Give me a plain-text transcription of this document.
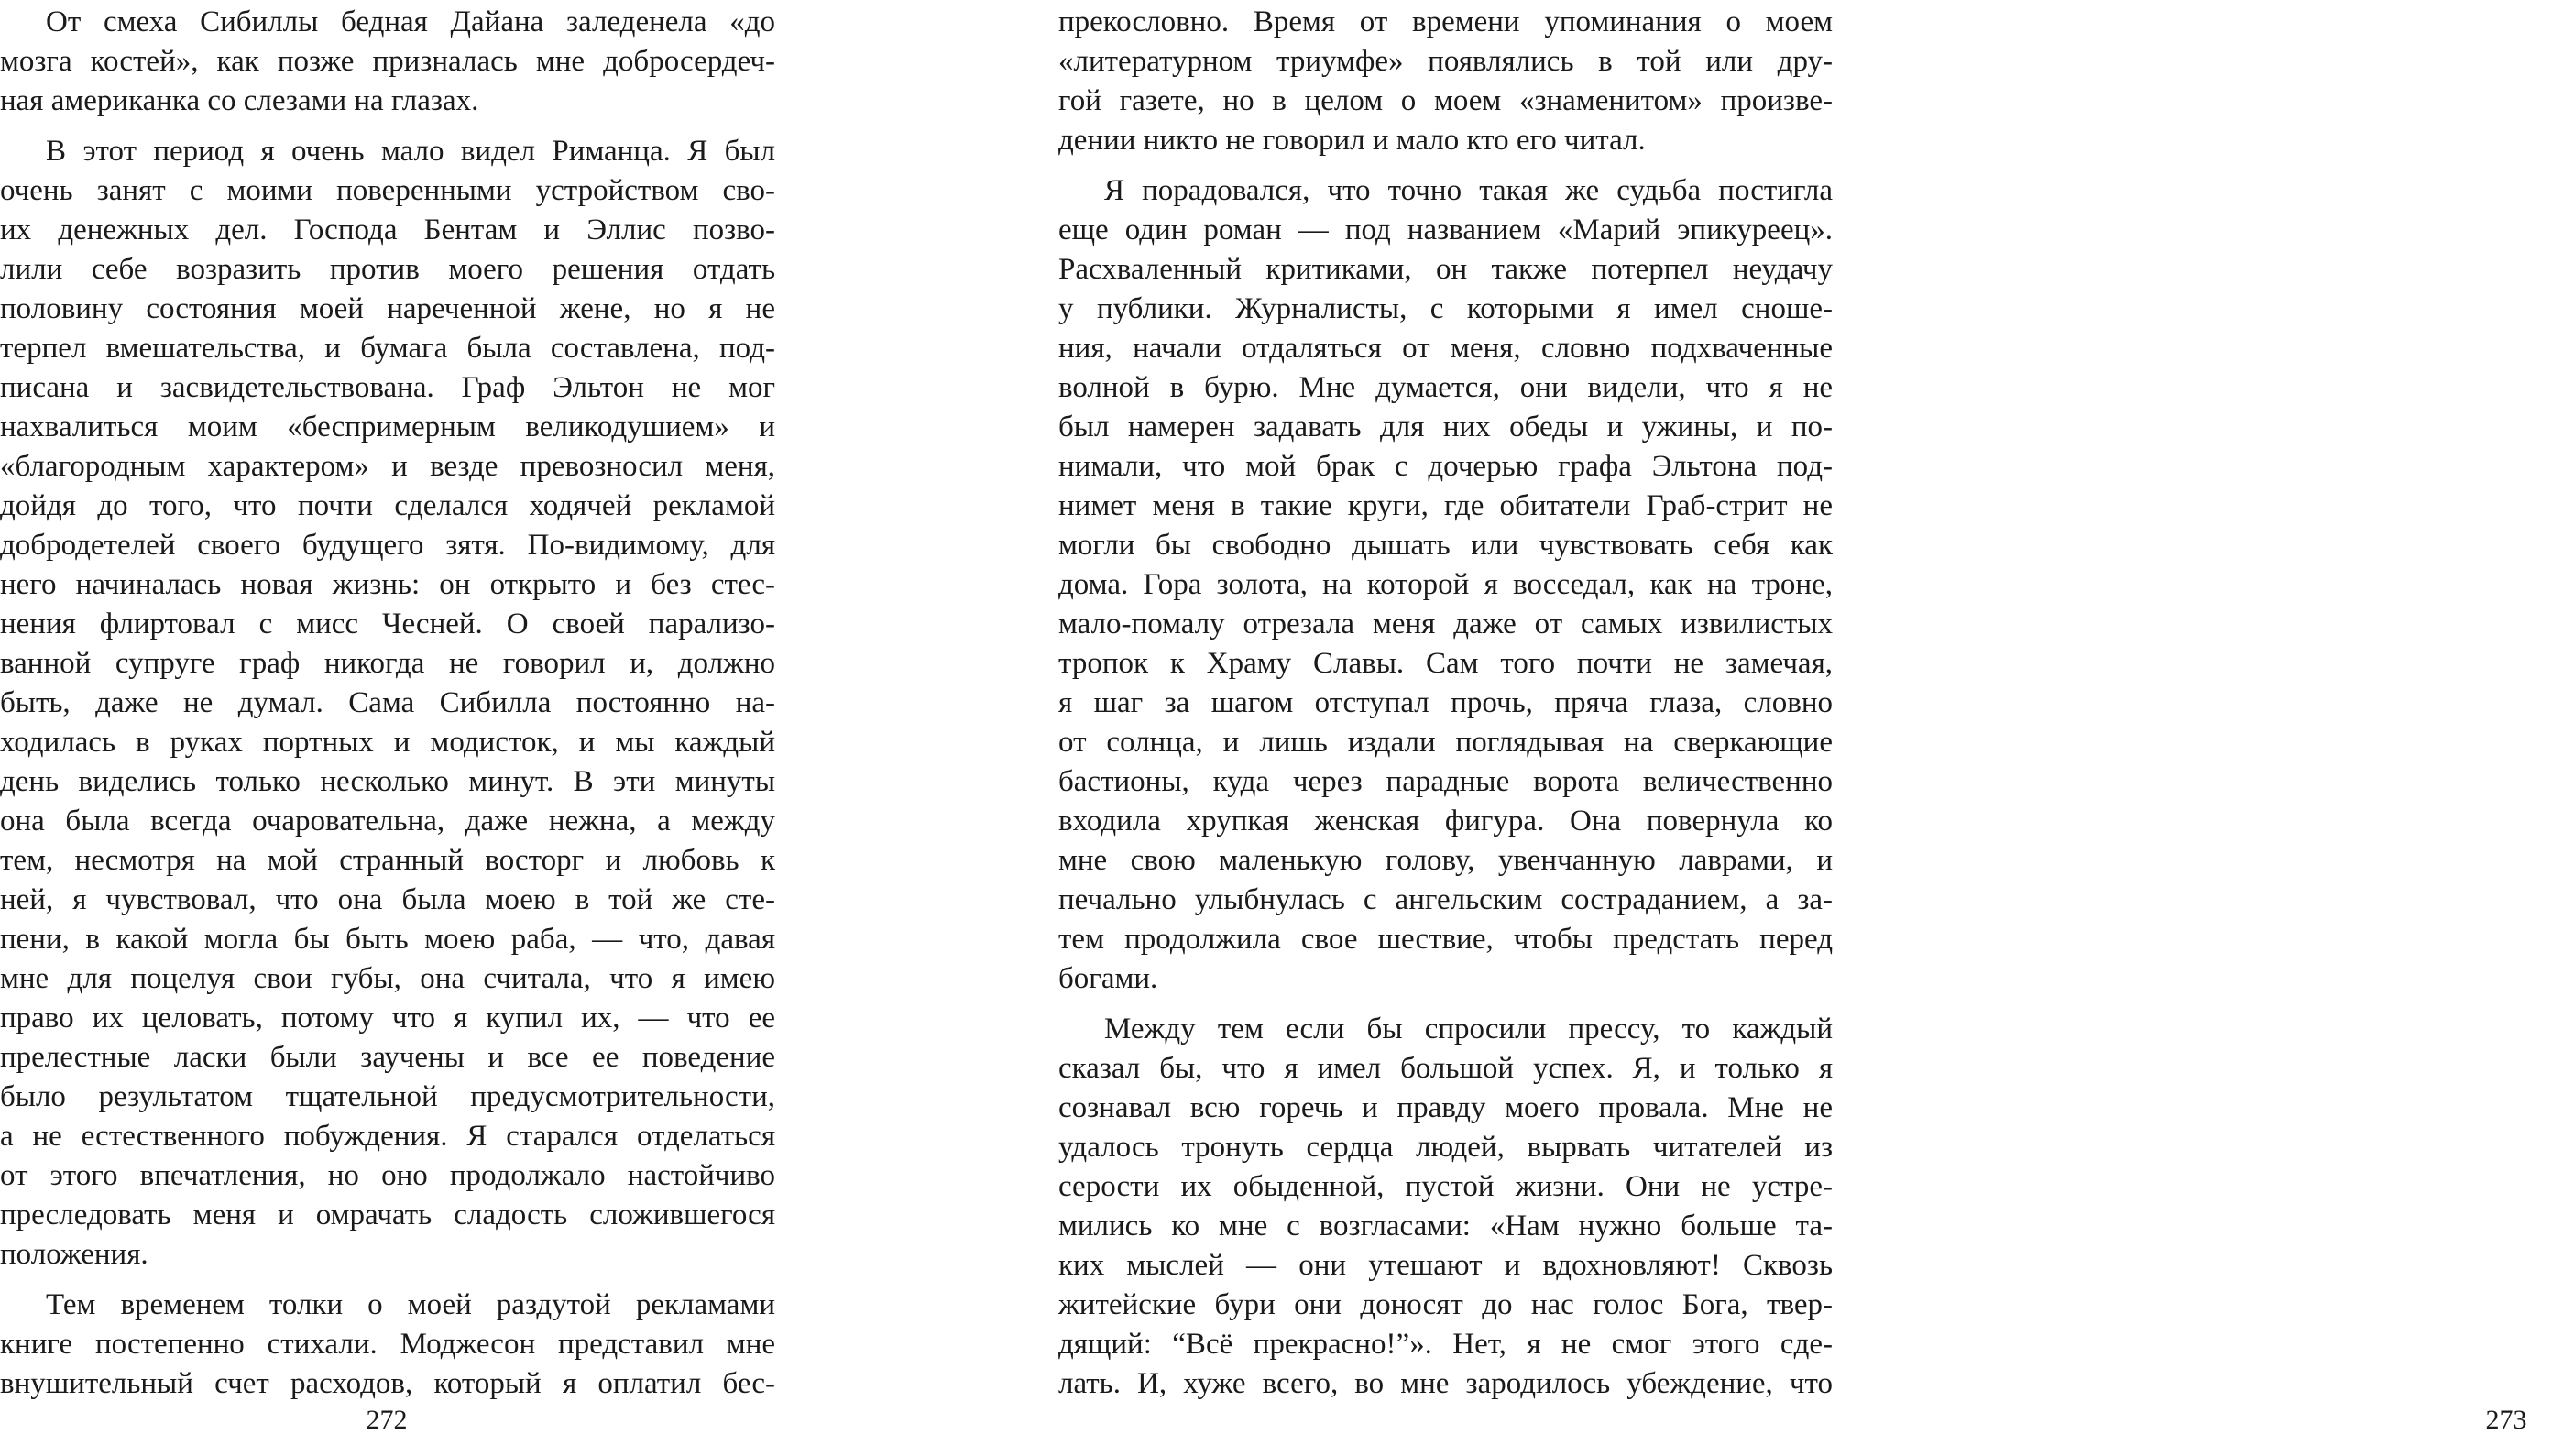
От смеха Сибиллы бедная Дайана заледенела «до
мозга костей», как позже призналась мне добросердеч-
ная американка со слезами на глазах.
В этот период я очень мало видел Риманца. Я был
очень занят с моими поверенными устройством сво-
их денежных дел. Господа Бентам и Эллис позво-
лили себе возразить против моего решения отдать
половину состояния моей нареченной жене, но я не
терпел вмешательства, и бумага была составлена, под-
писана и засвидетельствована. Граф Эльтон не мог
нахвалиться моим «беспримерным великодушием» и
«благородным характером» и везде превозносил меня,
дойдя до того, что почти сделался ходячей рекламой
добродетелей своего будущего зятя. По-видимому, для
него начиналась новая жизнь: он открыто и без стес-
нения флиртовал с мисс Чесней. О своей парализо-
ванной супруге граф никогда не говорил и, должно
быть, даже не думал. Сама Сибилла постоянно на-
ходилась в руках портных и модисток, и мы каждый
день виделись только несколько минут. В эти минуты
она была всегда очаровательна, даже нежна, а между
тем, несмотря на мой странный восторг и любовь к
ней, я чувствовал, что она была моею в той же сте-
пени, в какой могла бы быть моею раба, — что, давая
мне для поцелуя свои губы, она считала, что я имею
право их целовать, потому что я купил их, — что ее
прелестные ласки были заучены и все ее поведение
было результатом тщательной предусмотрительности,
а не естественного побуждения. Я старался отделаться
от этого впечатления, но оно продолжало настойчиво
преследовать меня и омрачать сладость сложившегося
положения.
Тем временем толки о моей раздутой рекламами
книге постепенно стихали. Моджесон представил мне
внушительный счет расходов, который я оплатил бес-
272
прекословно. Время от времени упоминания о моем
«литературном триумфе» появлялись в той или дру-
гой газете, но в целом о моем «знаменитом» произве-
дении никто не говорил и мало кто его читал.
Я порадовался, что точно такая же судьба постигла
еще один роман — под названием «Марий эпикуреец».
Расхваленный критиками, он также потерпел неудачу
у публики. Журналисты, с которыми я имел сноше-
ния, начали отдаляться от меня, словно подхваченные
волной в бурю. Мне думается, они видели, что я не
был намерен задавать для них обеды и ужины, и по-
нимали, что мой брак с дочерью графа Эльтона под-
нимет меня в такие круги, где обитатели Граб-стрит не
могли бы свободно дышать или чувствовать себя как
дома. Гора золота, на которой я восседал, как на троне,
мало-помалу отрезала меня даже от самых извилистых
тропок к Храму Славы. Сам того почти не замечая,
я шаг за шагом отступал прочь, пряча глаза, словно
от солнца, и лишь издали поглядывая на сверкающие
бастионы, куда через парадные ворота величественно
входила хрупкая женская фигура. Она повернула ко
мне свою маленькую голову, увенчанную лаврами, и
печально улыбнулась с ангельским состраданием, а за-
тем продолжила свое шествие, чтобы предстать перед
богами.
Между тем если бы спросили прессу, то каждый
сказал бы, что я имел большой успех. Я, и только я
сознавал всю горечь и правду моего провала. Мне не
удалось тронуть сердца людей, вырвать читателей из
серости их обыденной, пустой жизни. Они не устре-
мились ко мне с возгласами: «Нам нужно больше та-
ких мыслей — они утешают и вдохновляют! Сквозь
житейские бури они доносят до нас голос Бога, твер-
дящий: “Всё прекрасно!”». Нет, я не смог этого сде-
лать. И, хуже всего, во мне зародилось убеждение, что
273
